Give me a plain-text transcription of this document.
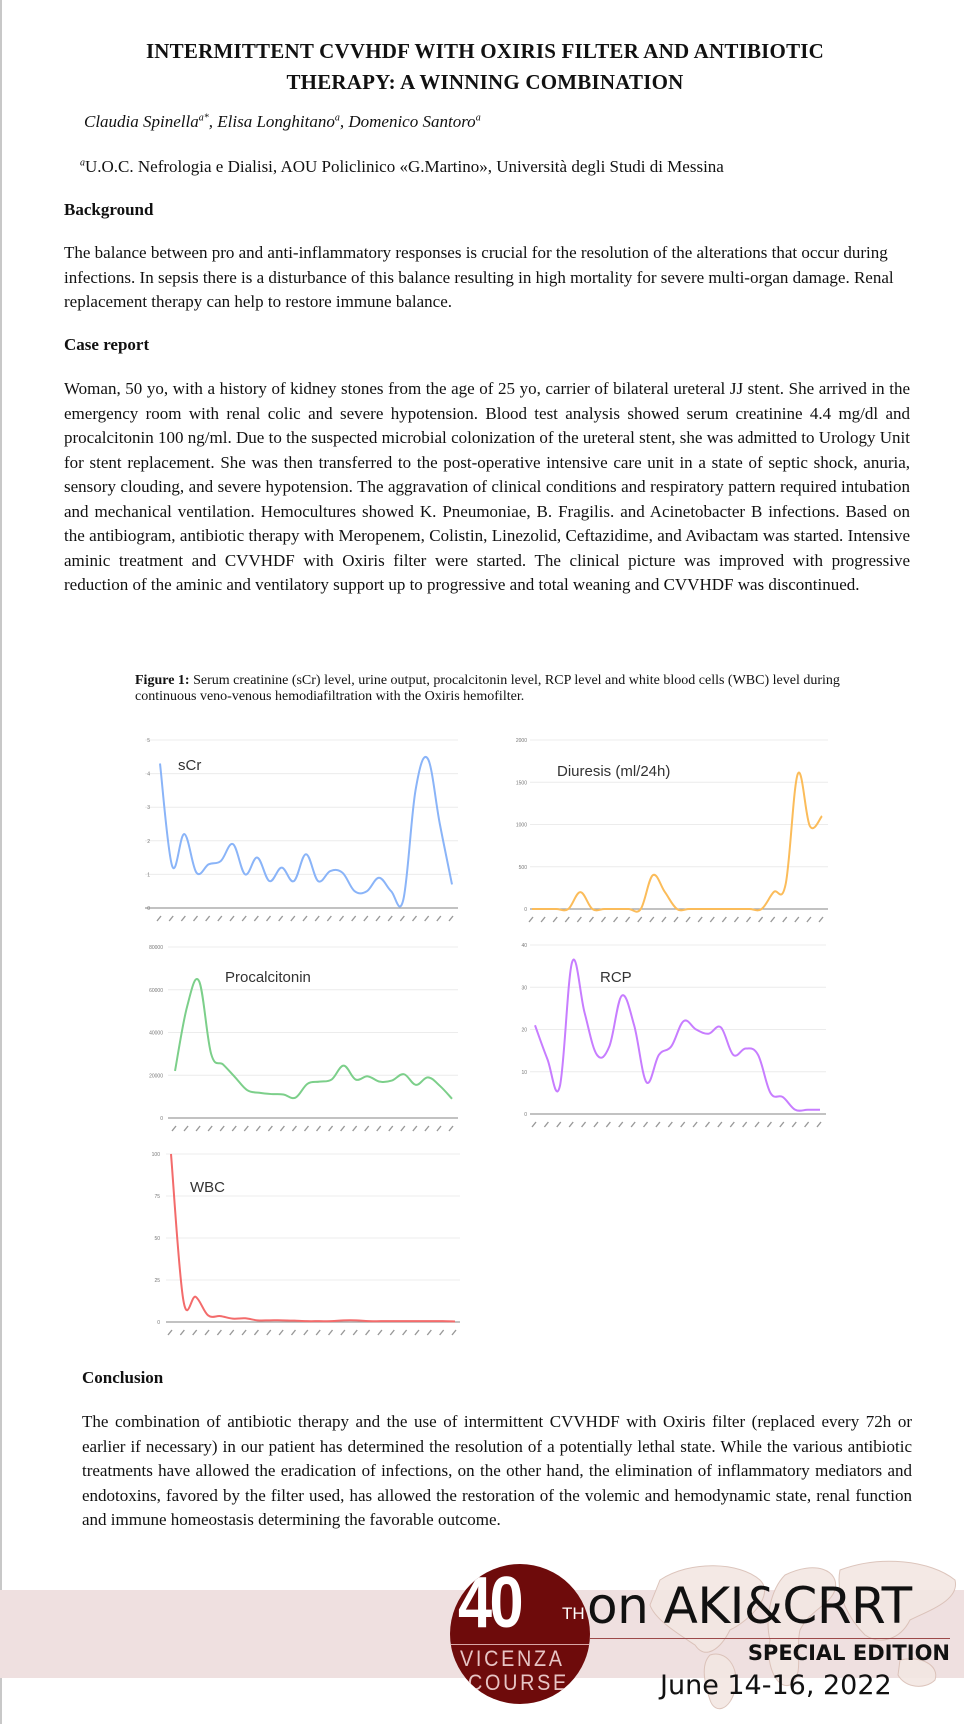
INTERMITTENT CVVHDF WITH OXIRIS FILTER AND ANTIBIOTIC
THERAPY: A WINNING COMBINATION
Claudia Spinella$^{a*}$, Elisa Longhitano$^a$, Domenico Santoro$^a$
$^a$U.O.C. Nefrologia e Dialisi, AOU Policlinico «G.Martino», Università degli Studi di Messina
Background
The balance between pro and anti-inflammatory responses is crucial for the resolution of the alterations that occur during infections. In sepsis there is a disturbance of this balance resulting in high mortality for severe multi-organ damage. Renal replacement therapy can help to restore immune balance.
Case report
Woman, 50 yo, with a history of kidney stones from the age of 25 yo, carrier of bilateral ureteral JJ stent. She arrived in the emergency room with renal colic and severe hypotension. Blood test analysis showed serum creatinine 4.4 mg/dl and procalcitonin 100 ng/ml. Due to the suspected microbial colonization of the ureteral stent, she was admitted to Urology Unit for stent replacement. She was then transferred to the post-operative intensive care unit in a state of septic shock, anuria, sensory clouding, and severe hypotension. The aggravation of clinical conditions and respiratory pattern required intubation and mechanical ventilation. Hemocultures showed K. Pneumoniae, B. Fragilis. and Acinetobacter B infections. Based on the antibiogram, antibiotic therapy with Meropenem, Colistin, Linezolid, Ceftazidime, and Avibactam was started. Intensive aminic treatment and CVVHDF with Oxiris filter were started. The clinical picture was improved with progressive reduction of the aminic and ventilatory support up to progressive and total weaning and CVVHDF was discontinued.
Figure 1: Serum creatinine (sCr) level, urine output, procalcitonin level, RCP level and white blood cells (WBC) level during continuous veno-venous hemodiafiltration with the Oxiris hemofilter.
0
1
2
3
4
5
sCr
0
500
1000
1500
2000
Diuresis (ml/24h)
0
20000
40000
60000
80000
Procalcitonin
0
10
20
30
40
RCP
0
25
50
75
100
WBC
Conclusion
The combination of antibiotic therapy and the use of intermittent CVVHDF with Oxiris filter (replaced every 72h or earlier if necessary) in our patient has determined the resolution of a potentially lethal state. While the various antibiotic treatments have allowed the eradication of infections, on the other hand, the elimination of inflammatory mediators and endotoxins, favored by the filter used, has allowed the restoration of the volemic and hemodynamic state, renal function and immune homeostasis determining the favorable outcome.
40 TH
VICENZA
COURSE
on AKI&CRRT
SPECIAL EDITION
June 14-16, 2022
